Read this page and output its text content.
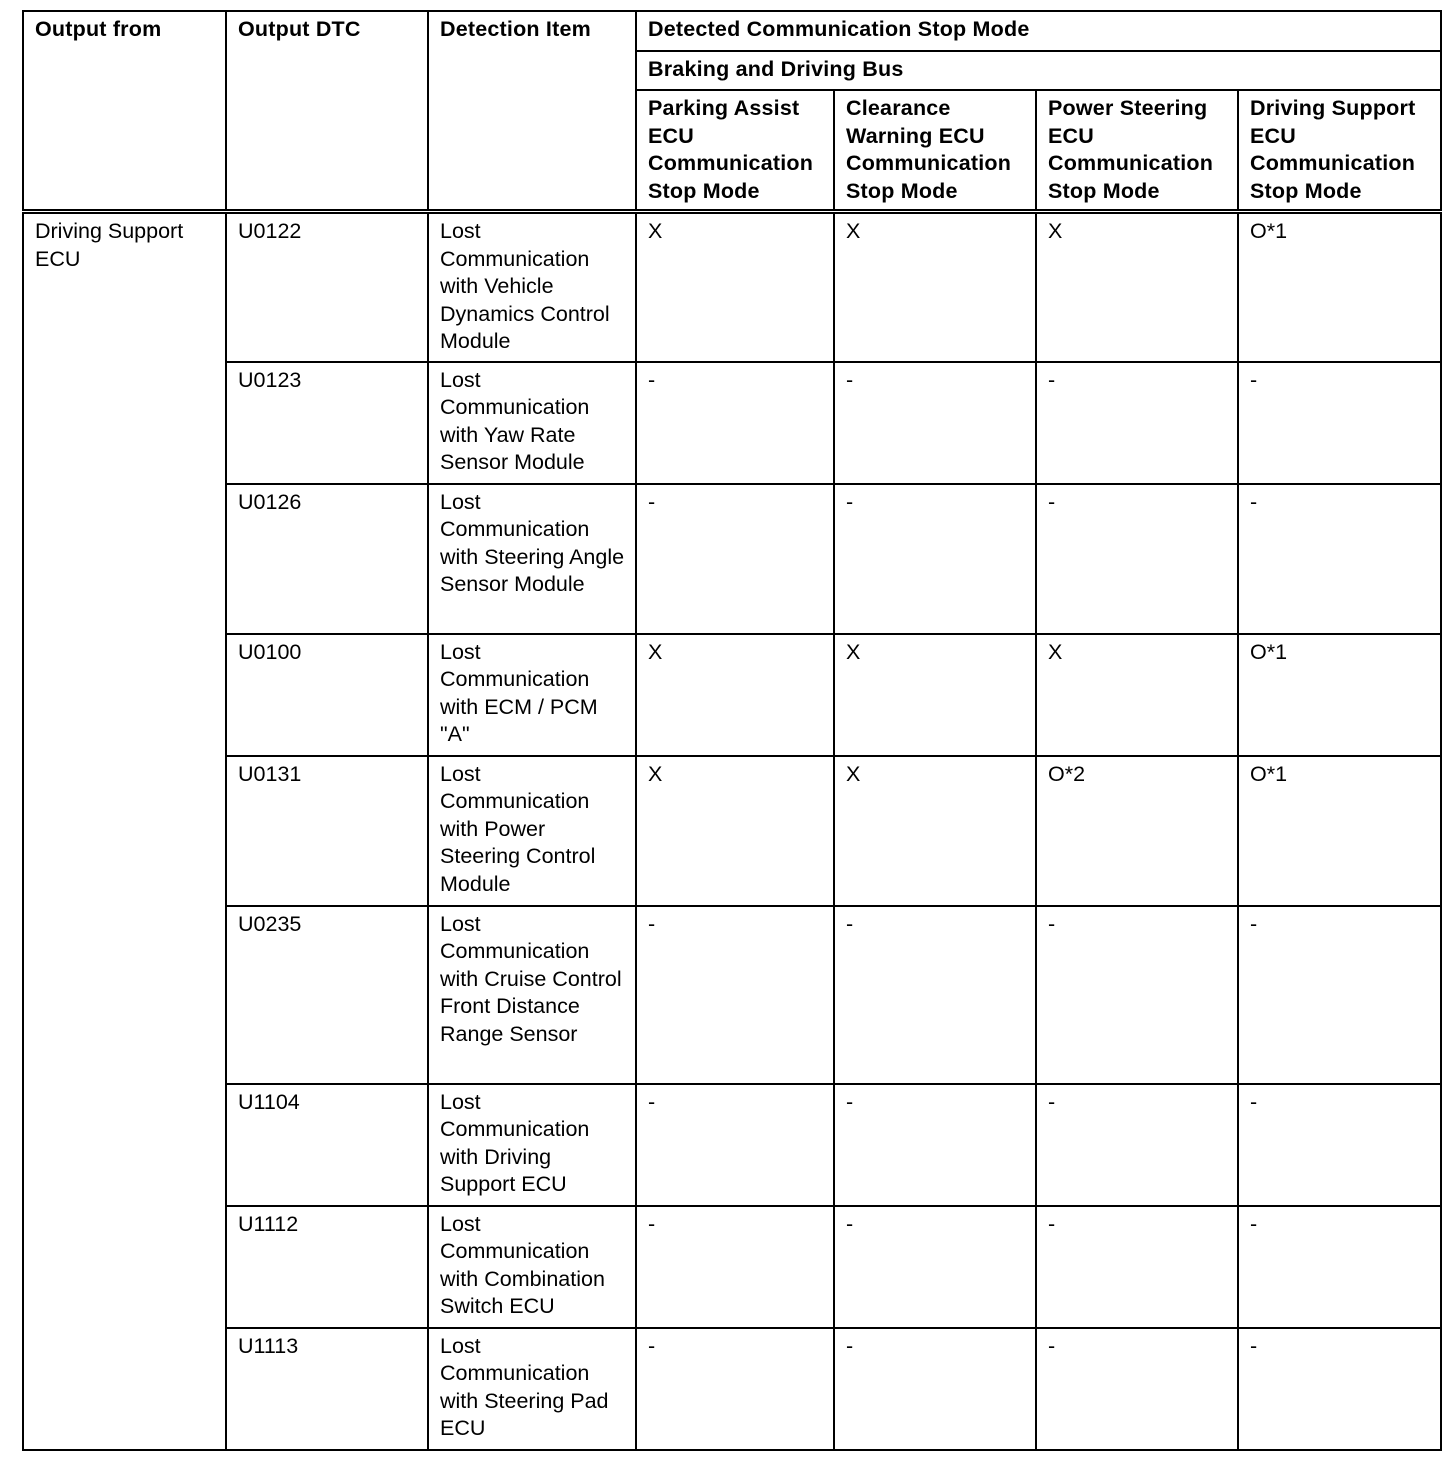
Output from	Output DTC	Detection Item	Detected Communication Stop Mode			
			Braking and Driving Bus			
			Parking Assist ECU Communication Stop Mode	Clearance Warning ECU Communication Stop Mode	Power Steering ECU Communication Stop Mode	Driving Support ECU Communication Stop Mode
Driving Support ECU	U0122	Lost Communication with Vehicle Dynamics Control Module	X	X	X	O*1
	U0123	Lost Communication with Yaw Rate Sensor Module	-	-	-	-
	U0126	Lost Communication with Steering Angle Sensor Module	-	-	-	-
	U0100	Lost Communication with ECM / PCM "A"	X	X	X	O*1
	U0131	Lost Communication with Power Steering Control Module	X	X	O*2	O*1
	U0235	Lost Communication with Cruise Control Front Distance Range Sensor	-	-	-	-
	U1104	Lost Communication with Driving Support ECU	-	-	-	-
	U1112	Lost Communication with Combination Switch ECU	-	-	-	-
	U1113	Lost Communication with Steering Pad ECU	-	-	-	-
